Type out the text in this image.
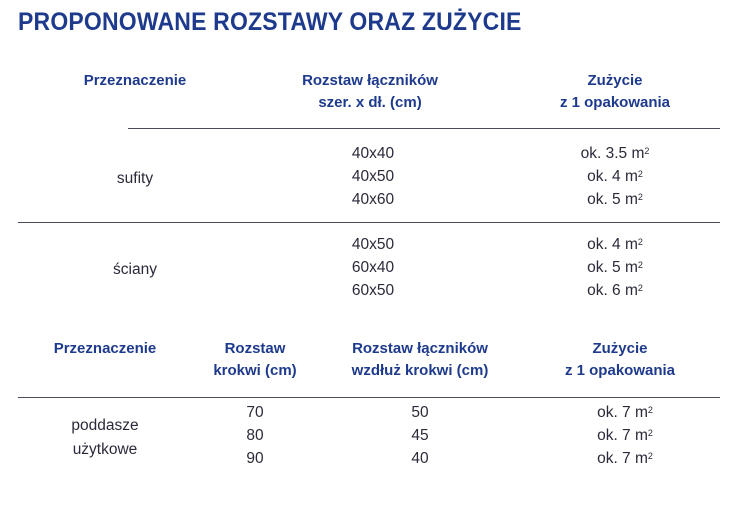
PROPONOWANE ROZSTAWY ORAZ ZUŻYCIE
Przeznaczenie	Rozstaw łączników
szer. x dł. (cm)
Zużycie
z 1 opakowania
sufity
40x40
40x50
40x60
ok. 3.5 $m^2$
ok. 4 $m^2$
ok. 5 $m^2$
ściany
40x50
60x40
60x50
ok. 4 $m^2$
ok. 5 $m^2$
ok. 6 $m^2$
Przeznaczenie	Rozstaw
krokwi (cm)
Rozstaw łączników
wzdłuż krokwi (cm)
Zużycie
z 1 opakowania
poddasze
użytkowe
70
80
90
50
45
40
ok. 7 $m^2$
ok. 7 $m^2$
ok. 7 $m^2$
